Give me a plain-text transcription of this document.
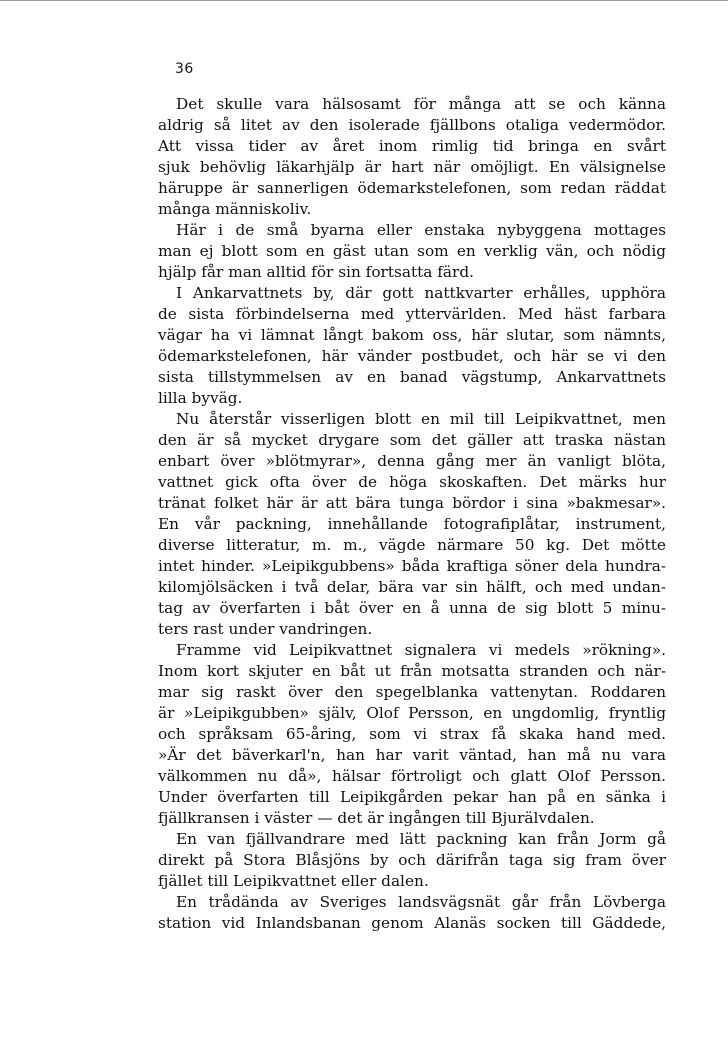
36
Det skulle vara hälsosamt för många att se och känna
aldrig så litet av den isolerade fjällbons otaliga vedermödor.
Att vissa tider av året inom rimlig tid bringa en svårt
sjuk behövlig läkarhjälp är hart när omöjligt. En välsignelse
häruppe är sannerligen ödemarkstelefonen, som redan räddat
många människoliv.
Här i de små byarna eller enstaka nybyggena mottages
man ej blott som en gäst utan som en verklig vän, och nödig
hjälp får man alltid för sin fortsatta färd.
I Ankarvattnets by, där gott nattkvarter erhålles, upphöra
de sista förbindelserna med yttervärlden. Med häst farbara
vägar ha vi lämnat långt bakom oss, här slutar, som nämnts,
ödemarkstelefonen, här vänder postbudet, och här se vi den
sista tillstymmelsen av en banad vägstump, Ankarvattnets
lilla byväg.
Nu återstår visserligen blott en mil till Leipikvattnet, men
den är så mycket drygare som det gäller att traska nästan
enbart över »blötmyrar», denna gång mer än vanligt blöta,
vattnet gick ofta över de höga skoskaften. Det märks hur
tränat folket här är att bära tunga bördor i sina »bakmesar».
En vår packning, innehållande fotografiplåtar, instrument,
diverse litteratur, m. m., vägde närmare 50 kg. Det mötte
intet hinder. »Leipikgubbens» båda kraftiga söner dela hundra-
kilomjölsäcken i två delar, bära var sin hälft, och med undan-
tag av överfarten i båt över en å unna de sig blott 5 minu-
ters rast under vandringen.
Framme vid Leipikvattnet signalera vi medels »rökning».
Inom kort skjuter en båt ut från motsatta stranden och när-
mar sig raskt över den spegelblanka vattenytan. Roddaren
är »Leipikgubben» själv, Olof Persson, en ungdomlig, fryntlig
och språksam 65-åring, som vi strax få skaka hand med.
»Är det bäverkarl'n, han har varit väntad, han må nu vara
välkommen nu då», hälsar förtroligt och glatt Olof Persson.
Under överfarten till Leipikgården pekar han på en sänka i
fjällkransen i väster — det är ingången till Bjurälvdalen.
En van fjällvandrare med lätt packning kan från Jorm gå
direkt på Stora Blåsjöns by och därifrån taga sig fram över
fjället till Leipikvattnet eller dalen.
En trådända av Sveriges landsvägsnät går från Lövberga
station vid Inlandsbanan genom Alanäs socken till Gäddede,
